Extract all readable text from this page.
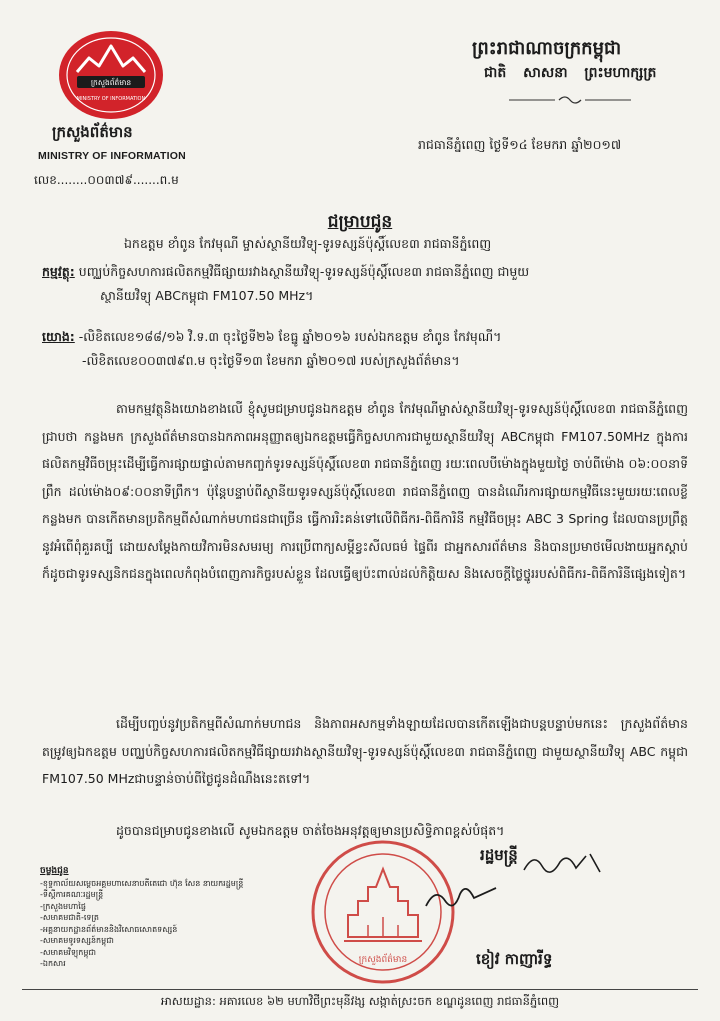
ក្រសួងព័ត៌មាន
MINISTRY OF INFORMATION
ក្រសួងព័ត៌មាន
MINISTRY OF INFORMATION
លេខ........០០៣៧៩.......ព.ម
ព្រះរាជាណាចក្រកម្ពុជា
ជាតិ សាសនា ព្រះមហាក្សត្រ
រាជធានីភ្នំពេញ ថ្ងៃទី១៤ ខែមករា ឆ្នាំ២០១៧
ជម្រាបជូន
ឯកឧត្តម ខាំពូន កែវមុណី ម្ចាស់ស្ថានីយវិទ្យុ-ទូរទស្សន៍ប៉ុស្តិ៍លេខ៣ រាជធានីភ្នំពេញ
កម្មវត្ថុ: បញ្ឈប់កិច្ចសហការផលិតកម្មវិធីផ្សាយរវាងស្ថានីយវិទ្យុ-ទូរទស្សន៍ប៉ុស្តិ៍លេខ៣ រាជធានីភ្នំពេញ ជាមួយ
ស្ថានីយវិទ្យុ ABCកម្ពុជា FM107.50 MHz។
យោង: -លិខិតលេខ១៨៨/១៦ វិ.ទ.៣ ចុះថ្ងៃទី២៦ ខែធ្នូ ឆ្នាំ២០១៦ របស់ឯកឧត្តម ខាំពូន កែវមុណី។
-លិខិតលេខ០០៣៧៩ព.ម ចុះថ្ងៃទី១៣ ខែមករា ឆ្នាំ២០១៧ របស់ក្រសួងព័ត៌មាន។
តាមកម្មវត្ថុនិងយោងខាងលើ ខ្ញុំសូមជម្រាបជូនឯកឧត្តម ខាំពូន កែវមុណីម្ចាស់ស្ថានីយវិទ្យុ-ទូរទស្សន៍ប៉ុស្តិ៍លេខ៣ រាជធានីភ្នំពេញ ជ្រាបថា កន្លងមក ក្រសួងព័ត៌មានបានឯកភាពអនុញ្ញាតឲ្យឯកឧត្តមធ្វើកិច្ចសហការជាមួយស្ថានីយវិទ្យុ ABCកម្ពុជា FM107.50MHz ក្នុងការផលិតកម្មវិធីចម្រុះដើម្បីធ្វើការផ្សាយផ្ទាល់តាមកញ្ចក់ទូរទស្សន៍ប៉ុស្តិ៍លេខ៣ រាជធានីភ្នំពេញ រយៈពេលបីម៉ោងក្នុងមួយថ្ងៃ ចាប់ពីម៉ោង ០៦:០០នាទីព្រឹក ដល់ម៉ោង០៩:០០នាទីព្រឹក។ ប៉ុន្តែបន្ទាប់ពីស្ថានីយទូរទស្សន៍ប៉ុស្តិ៍លេខ៣ រាជធានីភ្នំពេញ បានដំណើរការផ្សាយកម្មវិធីនេះមួយរយៈពេលខ្លីកន្លងមក បានកើតមានប្រតិកម្មពីសំណាក់មហាជនជាច្រើន ធ្វើការរិះគន់ទៅលើពិធីករ-ពិធីការិនី កម្មវិធីចម្រុះ ABC 3 Spring ដែលបានប្រព្រឹត្តនូវអំពើពុំគួរគប្បី ដោយសម្ដែងកាយវិការមិនសមរម្យ ការប្រើពាក្យសម្ដីខ្វះសីលធម៌ ផ្ទៃពីរ ជាអ្នកសារព័ត៌មាន និងបានប្រមាថមើលងាយអ្នកស្ដាប់ ក៏ដូចជាទូរទស្សនិកជនក្នុងពេលកំពុងបំពេញភារកិច្ចរបស់ខ្លួន ដែលធ្វើឲ្យប៉ះពាល់ដល់កិត្តិយស និងសេចក្ដីថ្លៃថ្នូររបស់ពិធីករ-ពិធីការិនីផ្សេងទៀត។
ដើម្បីបញ្ចប់នូវប្រតិកម្មពីសំណាក់មហាជន និងភាពអសកម្មទាំងឡាយដែលបានកើតឡើងជាបន្តបន្ទាប់មកនេះ ក្រសួងព័ត៌មាន តម្រូវឲ្យឯកឧត្តម បញ្ឈប់កិច្ចសហការផលិតកម្មវិធីផ្សាយរវាងស្ថានីយវិទ្យុ-ទូរទស្សន៍ប៉ុស្តិ៍លេខ៣ រាជធានីភ្នំពេញ ជាមួយស្ថានីយវិទ្យុ ABC កម្ពុជា FM107.50 MHzជាបន្ទាន់ចាប់ពីថ្ងៃជូនដំណឹងនេះតទៅ។
ដូចបានជម្រាបជូនខាងលើ សូមឯកឧត្តម ចាត់ចែងអនុវត្តឲ្យមានប្រសិទ្ធិភាពខ្ពស់បំផុត។
ចម្លងជូន
-ខុទ្ទកាល័យសម្ដេចអគ្គមហាសេនាបតីតេជោ ហ៊ុន សែន នាយករដ្ឋមន្ត្រី
-ទីស្ដីការគណៈរដ្ឋមន្ត្រី
-ក្រសួងមហាផ្ទៃ
-សមាគមជាតិ-ទេត្រ
-អគ្គនាយកដ្ឋានព័ត៌មាននិងវិសោធសោតទស្សន៍
-សមាគមទូរទស្សន៍កម្ពុជា
-សមាគមវិទ្យុកម្ពុជា
-ឯកសារ	ក្រសួងព័ត៌មាន
រដ្ឋមន្ត្រី
ខៀវ កាញារីទ្ធ
អាសយដ្ឋាន: អគារលេខ ៦២ មហាវិថីព្រះមុនីវង្ស សង្កាត់ស្រះចក ខណ្ឌដូនពេញ រាជធានីភ្នំពេញ
